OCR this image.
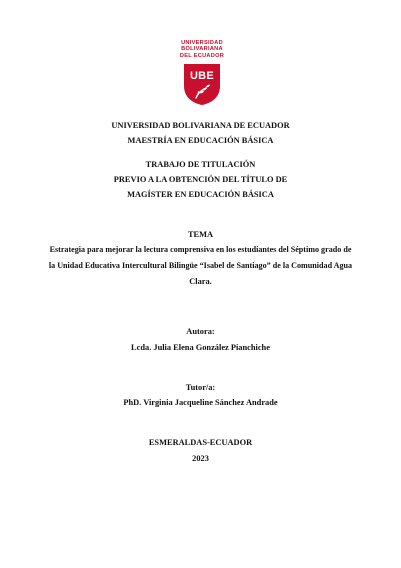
UNIVERSIDAD
BOLIVARIANA
DEL ECUADOR
UBE
UNIVERSIDAD BOLIVARIANA DE ECUADOR
MAESTRÍA EN EDUCACIÓN BÁSICA
TRABAJO DE TITULACIÓN
PREVIO A LA OBTENCIÓN DEL TÍTULO DE
MAGÍSTER EN EDUCACIÓN BÁSICA
TEMA
Estrategia para mejorar la lectura comprensiva en los estudiantes del Séptimo grado de
la Unidad Educativa Intercultural Bilingüe “Isabel de Santiago” de la Comunidad Agua
Clara.
Autora:
Lcda. Julia Elena González Pianchiche
Tutor/a:
PhD. Virginia Jacqueline Sánchez Andrade
ESMERALDAS-ECUADOR
2023
